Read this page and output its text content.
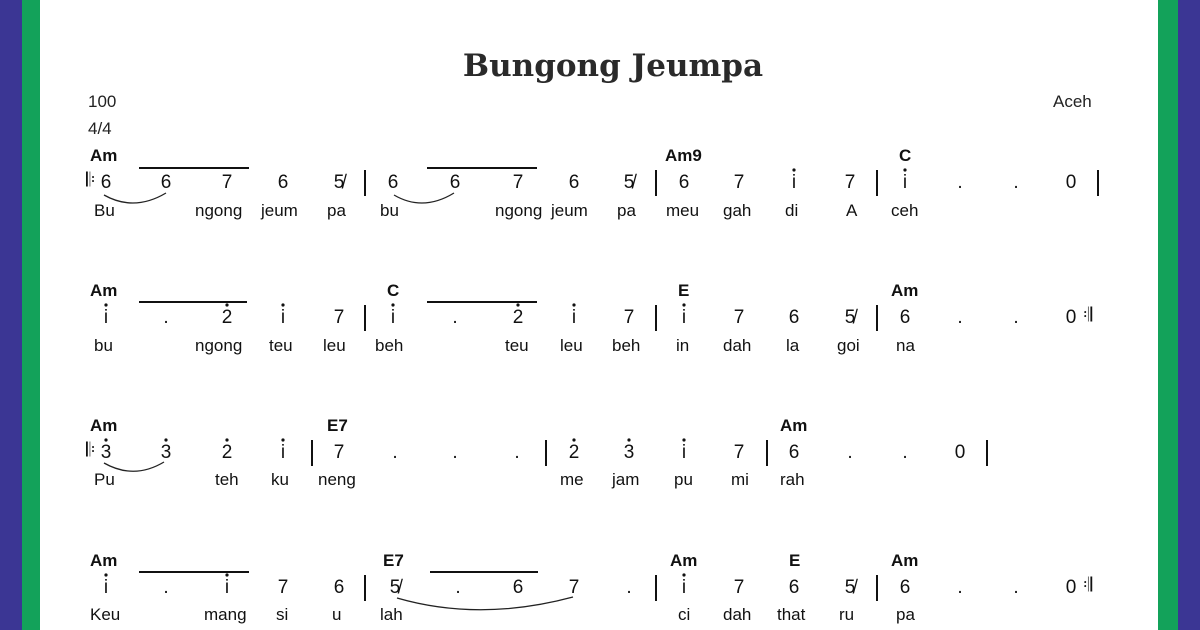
Bungong Jeumpa
100
4/4
Aceh
Am	Am9	C
𝄆 6	6	7	6	5̸	6	6	7	6	5̸	6	7	i	7	i	.	.	0
Bu	ngong jeum pa bu	ngong jeum pa meu gah di	A ceh
Am	C	E	Am
i	.	2	i	7	i	.	2	i	7	i	7	6	5̸	6	.	.	0 𝄇
bu	ngong teu leu beh	teu leu beh in dah la goi na
Am	E7	Am
𝄆 3	3	2	i	7	.	.	.	2	3	i	7	6	.	.	0
Pu	teh ku neng	me jam pu mi rah
Am	E7	Am	E	Am
i	.	i	7	6	5̸	.	6	7	.	i	7	6	5̸	6	.	.	0 𝄇
Keu	mang si	u lah	ci dah that ru pa
